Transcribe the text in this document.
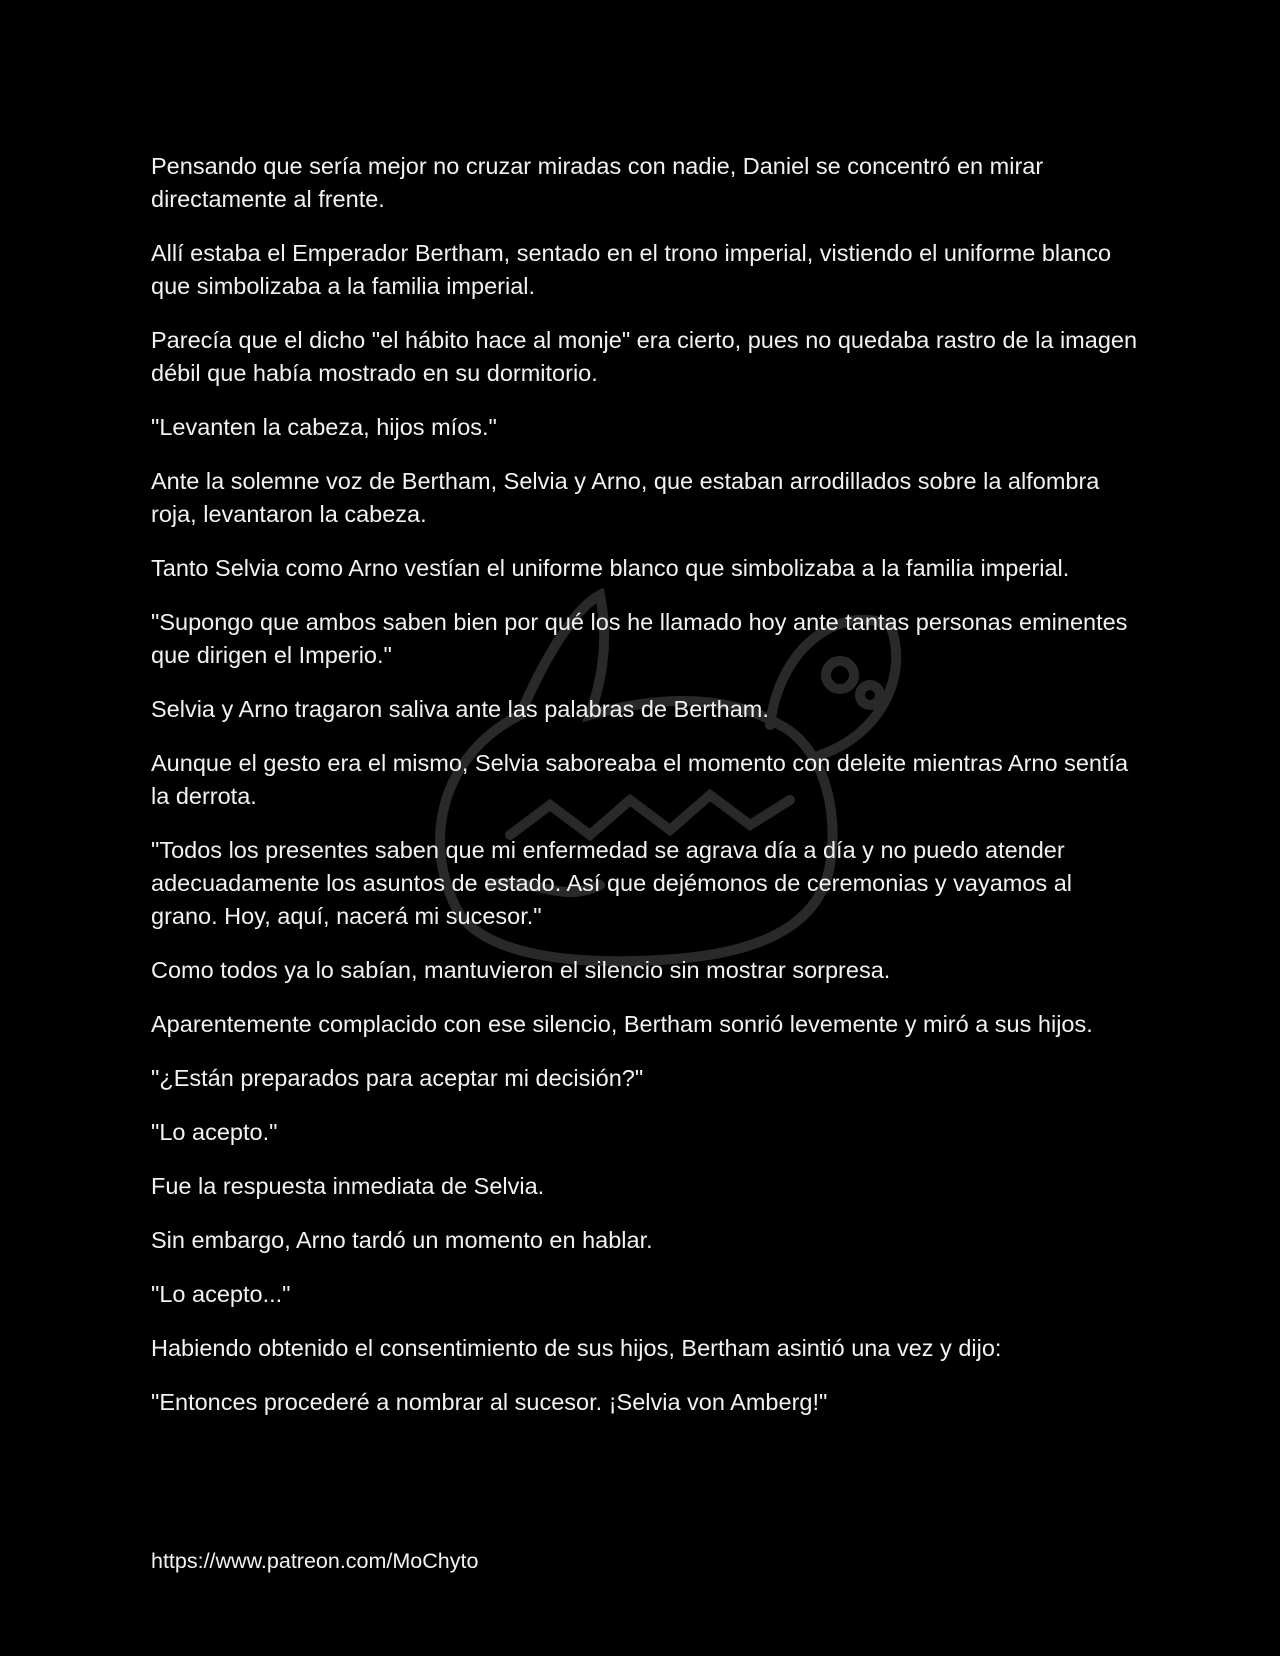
Pensando que sería mejor no cruzar miradas con nadie, Daniel se concentró en mirar directamente al frente.

Allí estaba el Emperador Bertham, sentado en el trono imperial, vistiendo el uniforme blanco que simbolizaba a la familia imperial.

Parecía que el dicho "el hábito hace al monje" era cierto, pues no quedaba rastro de la imagen débil que había mostrado en su dormitorio.

"Levanten la cabeza, hijos míos."

Ante la solemne voz de Bertham, Selvia y Arno, que estaban arrodillados sobre la alfombra roja, levantaron la cabeza.

Tanto Selvia como Arno vestían el uniforme blanco que simbolizaba a la familia imperial.

"Supongo que ambos saben bien por qué los he llamado hoy ante tantas personas eminentes que dirigen el Imperio."

Selvia y Arno tragaron saliva ante las palabras de Bertham.

Aunque el gesto era el mismo, Selvia saboreaba el momento con deleite mientras Arno sentía la derrota.

"Todos los presentes saben que mi enfermedad se agrava día a día y no puedo atender adecuadamente los asuntos de estado. Así que dejémonos de ceremonias y vayamos al grano. Hoy, aquí, nacerá mi sucesor."

Como todos ya lo sabían, mantuvieron el silencio sin mostrar sorpresa.

Aparentemente complacido con ese silencio, Bertham sonrió levemente y miró a sus hijos.

"¿Están preparados para aceptar mi decisión?"

"Lo acepto."

Fue la respuesta inmediata de Selvia.

Sin embargo, Arno tardó un momento en hablar.

"Lo acepto..."

Habiendo obtenido el consentimiento de sus hijos, Bertham asintió una vez y dijo:

"Entonces procederé a nombrar al sucesor. ¡Selvia von Amberg!"

https://www.patreon.com/MoChyto
